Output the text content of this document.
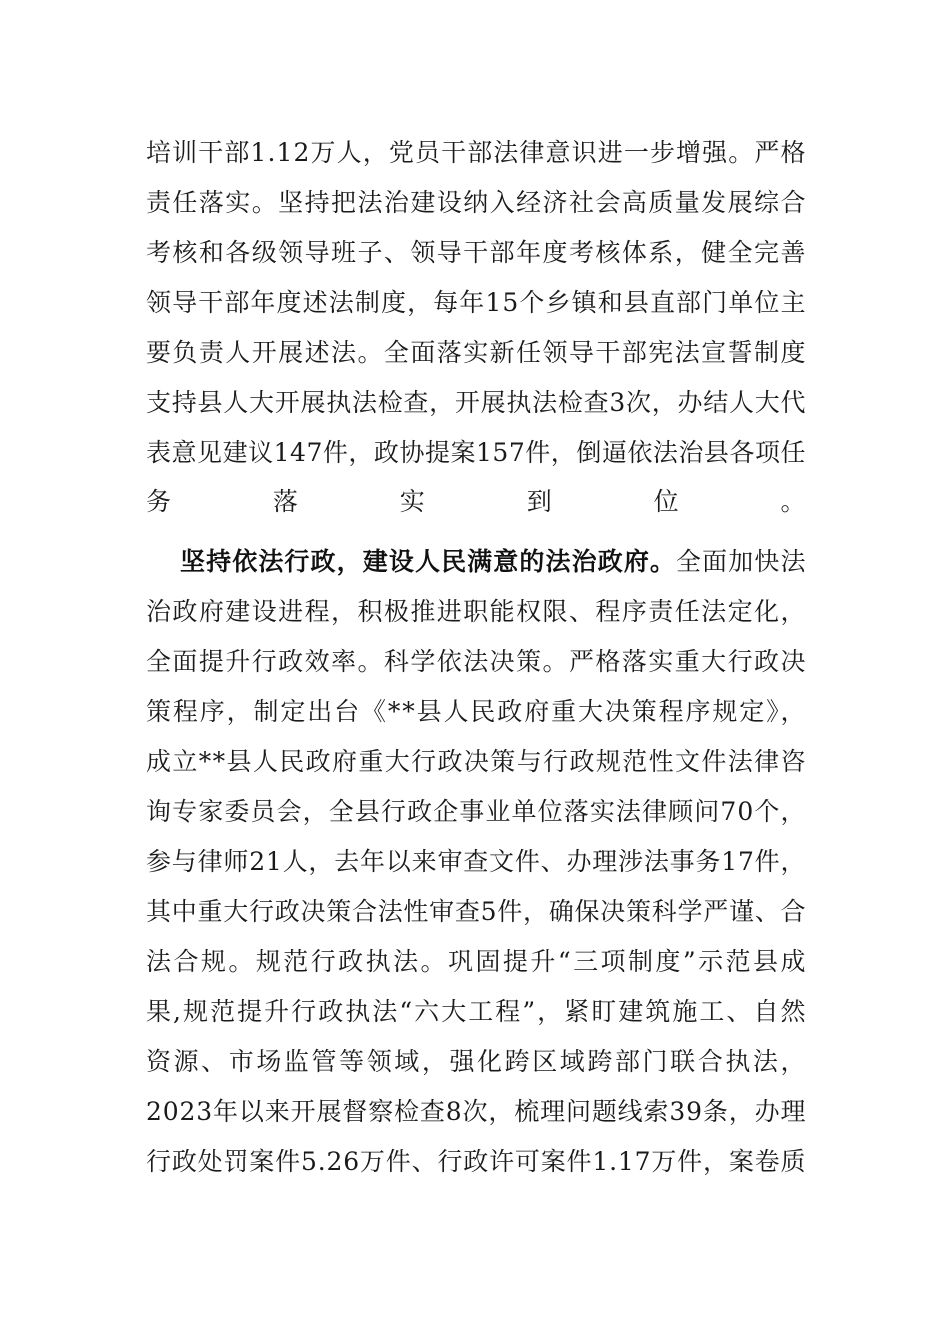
培训干部1.12万人，党员干部法律意识进一步增强。严格
责任落实。坚持把法治建设纳入经济社会高质量发展综合
考核和各级领导班子、领导干部年度考核体系，健全完善
领导干部年度述法制度，每年15个乡镇和县直部门单位主
要负责人开展述法。全面落实新任领导干部宪法宣誓制度
支持县人大开展执法检查，开展执法检查3次，办结人大代
表意见建议147件，政协提案157件，倒逼依法治县各项任
务落实到位。
坚持依法行政，建设人民满意的法治政府。全面加快法
治政府建设进程，积极推进职能权限、程序责任法定化，
全面提升行政效率。科学依法决策。严格落实重大行政决
策程序，制定出台《**县人民政府重大决策程序规定》，
成立**县人民政府重大行政决策与行政规范性文件法律咨
询专家委员会，全县行政企事业单位落实法律顾问70个，
参与律师21人，去年以来审查文件、办理涉法事务17件，
其中重大行政决策合法性审查5件，确保决策科学严谨、合
法合规。规范行政执法。巩固提升“三项制度”示范县成
果,规范提升行政执法“六大工程”，紧盯建筑施工、自然
资源、市场监管等领域，强化跨区域跨部门联合执法，
2023年以来开展督察检查8次，梳理问题线索39条，办理
行政处罚案件5.26万件、行政许可案件1.17万件，案卷质
